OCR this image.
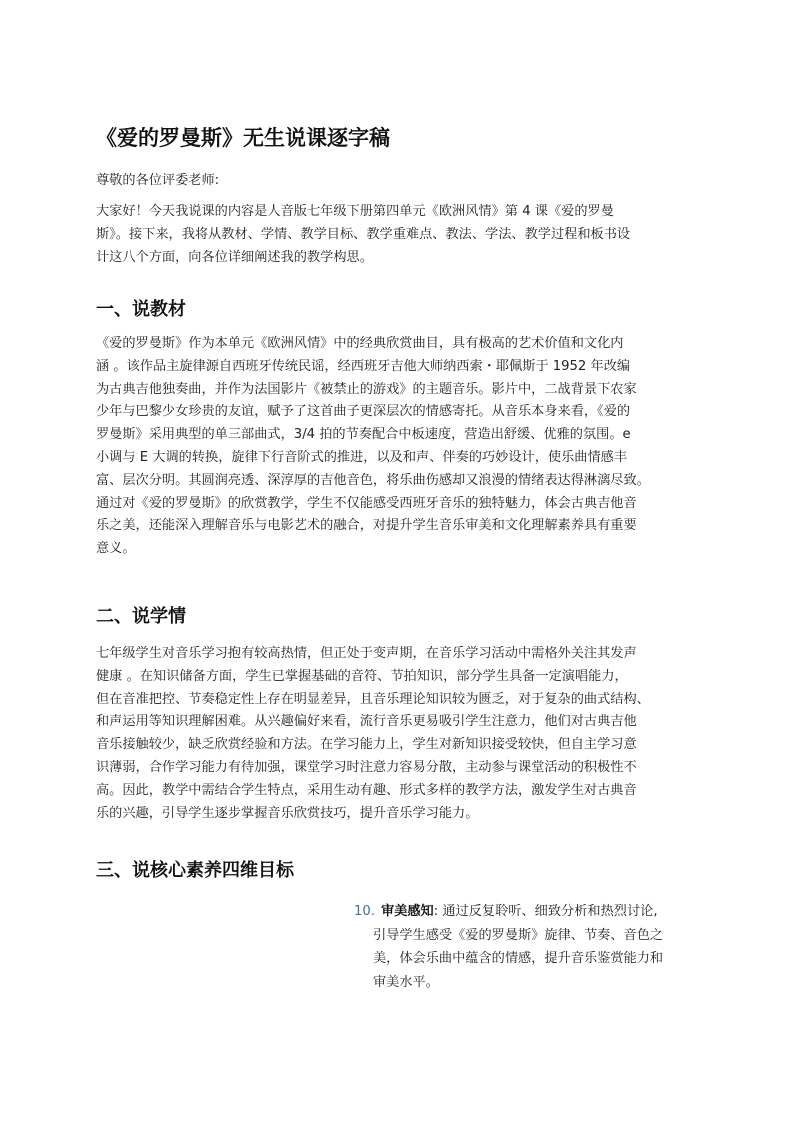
《爱的罗曼斯》无生说课逐字稿

尊敬的各位评委老师:

大家好！今天我说课的内容是人音版七年级下册第四单元《欧洲风情》第 4 课《爱的罗曼
斯》。接下来，我将从教材、学情、教学目标、教学重难点、教法、学法、教学过程和板书设
计这八个方面，向各位详细阐述我的教学构思。

一、说教材

《爱的罗曼斯》作为本单元《欧洲风情》中的经典欣赏曲目，具有极高的艺术价值和文化内
涵 。该作品主旋律源自西班牙传统民谣，经西班牙吉他大师纳西索・耶佩斯于 1952 年改编
为古典吉他独奏曲，并作为法国影片《被禁止的游戏》的主题音乐。影片中，二战背景下农家
少年与巴黎少女珍贵的友谊，赋予了这首曲子更深层次的情感寄托。从音乐本身来看，《爱的
罗曼斯》采用典型的单三部曲式，3/4 拍的节奏配合中板速度，营造出舒缓、优雅的氛围。e
小调与 E 大调的转换，旋律下行音阶式的推进，以及和声、伴奏的巧妙设计，使乐曲情感丰
富、层次分明。其圆润亮透、深淳厚的吉他音色，将乐曲伤感却又浪漫的情绪表达得淋漓尽致。
通过对《爱的罗曼斯》的欣赏教学，学生不仅能感受西班牙音乐的独特魅力，体会古典吉他音
乐之美，还能深入理解音乐与电影艺术的融合，对提升学生音乐审美和文化理解素养具有重要
意义。

二、说学情

七年级学生对音乐学习抱有较高热情，但正处于变声期，在音乐学习活动中需格外关注其发声
健康 。在知识储备方面，学生已掌握基础的音符、节拍知识，部分学生具备一定演唱能力，
但在音准把控、节奏稳定性上存在明显差异，且音乐理论知识较为匮乏，对于复杂的曲式结构、
和声运用等知识理解困难。从兴趣偏好来看，流行音乐更易吸引学生注意力，他们对古典吉他
音乐接触较少，缺乏欣赏经验和方法。在学习能力上，学生对新知识接受较快，但自主学习意
识薄弱，合作学习能力有待加强，课堂学习时注意力容易分散，主动参与课堂活动的积极性不
高。因此，教学中需结合学生特点，采用生动有趣、形式多样的教学方法，激发学生对古典音
乐的兴趣，引导学生逐步掌握音乐欣赏技巧，提升音乐学习能力。

三、说核心素养四维目标
10. 审美感知: 通过反复聆听、细致分析和热烈讨论,
引导学生感受《爱的罗曼斯》旋律、节奏、音色之
美，体会乐曲中蕴含的情感，提升音乐鉴赏能力和
审美水平。
